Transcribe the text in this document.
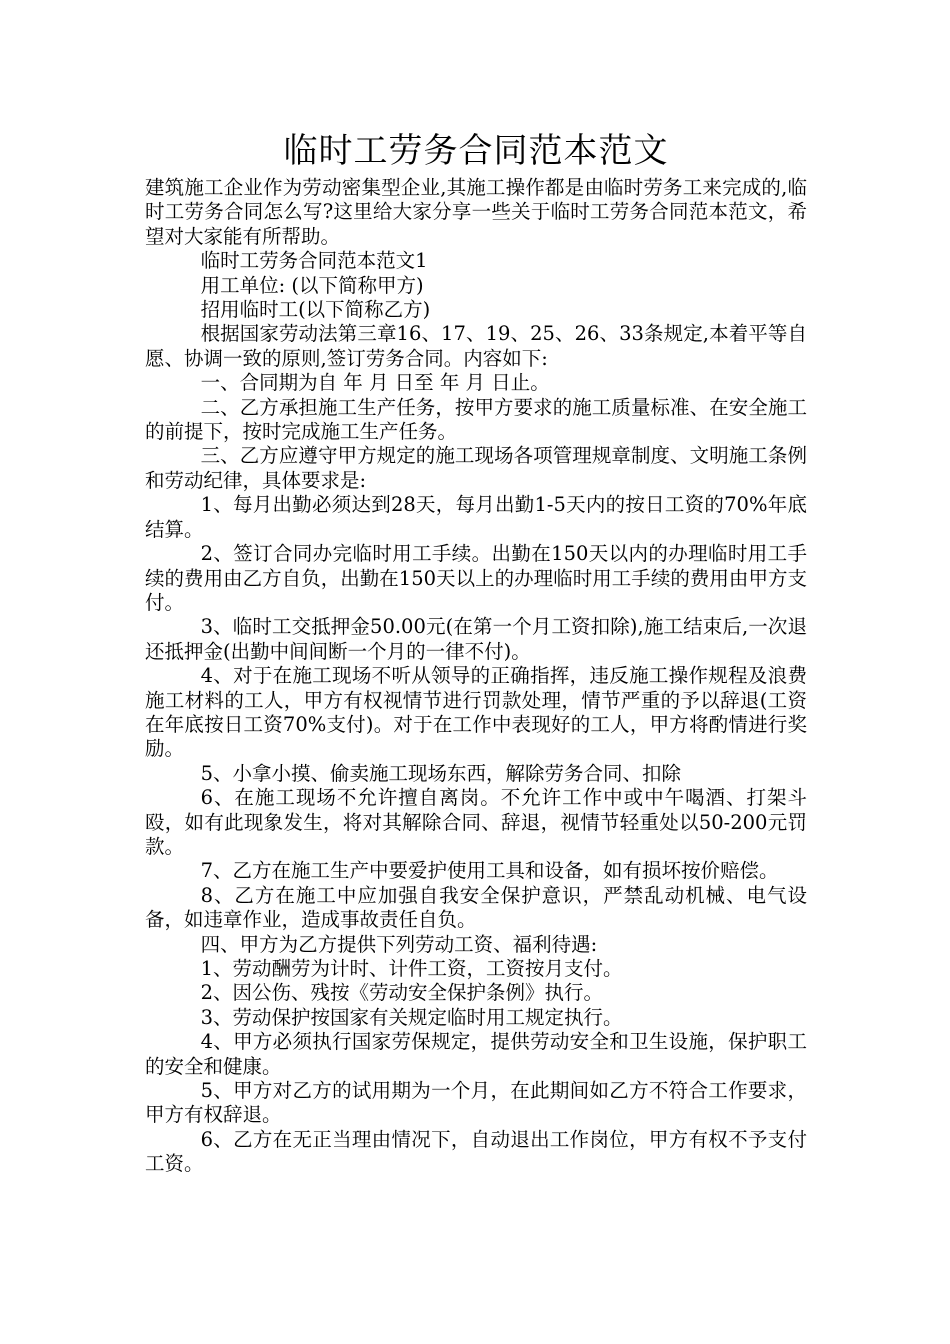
临时工劳务合同范本范文

建筑施工企业作为劳动密集型企业,其施工操作都是由临时劳务工来完成的,临时工劳务合同怎么写?这里给大家分享一些关于临时工劳务合同范本范文，希望对大家能有所帮助。

临时工劳务合同范本范文1

用工单位: (以下简称甲方)

招用临时工(以下简称乙方)

根据国家劳动法第三章16、17、19、25、26、33条规定,本着平等自愿、协调一致的原则,签订劳务合同。内容如下:

一、合同期为自 年 月 日至 年 月 日止。

二、乙方承担施工生产任务，按甲方要求的施工质量标准、在安全施工的前提下，按时完成施工生产任务。

三、乙方应遵守甲方规定的施工现场各项管理规章制度、文明施工条例和劳动纪律，具体要求是:

1、每月出勤必须达到28天，每月出勤1-5天内的按日工资的70%年底结算。

2、签订合同办完临时用工手续。出勤在150天以内的办理临时用工手续的费用由乙方自负，出勤在150天以上的办理临时用工手续的费用由甲方支付。

3、临时工交抵押金50.00元(在第一个月工资扣除),施工结束后,一次退还抵押金(出勤中间间断一个月的一律不付)。

4、对于在施工现场不听从领导的正确指挥，违反施工操作规程及浪费施工材料的工人，甲方有权视情节进行罚款处理，情节严重的予以辞退(工资在年底按日工资70%支付)。对于在工作中表现好的工人，甲方将酌情进行奖励。

5、小拿小摸、偷卖施工现场东西，解除劳务合同、扣除

6、在施工现场不允许擅自离岗。不允许工作中或中午喝酒、打架斗殴，如有此现象发生，将对其解除合同、辞退，视情节轻重处以50-200元罚款。

7、乙方在施工生产中要爱护使用工具和设备，如有损坏按价赔偿。

8、乙方在施工中应加强自我安全保护意识，严禁乱动机械、电气设备，如违章作业，造成事故责任自负。

四、甲方为乙方提供下列劳动工资、福利待遇:

1、劳动酬劳为计时、计件工资，工资按月支付。

2、因公伤、残按《劳动安全保护条例》执行。

3、劳动保护按国家有关规定临时用工规定执行。

4、甲方必须执行国家劳保规定，提供劳动安全和卫生设施，保护职工的安全和健康。

5、甲方对乙方的试用期为一个月，在此期间如乙方不符合工作要求，甲方有权辞退。

6、乙方在无正当理由情况下，自动退出工作岗位，甲方有权不予支付工资。
